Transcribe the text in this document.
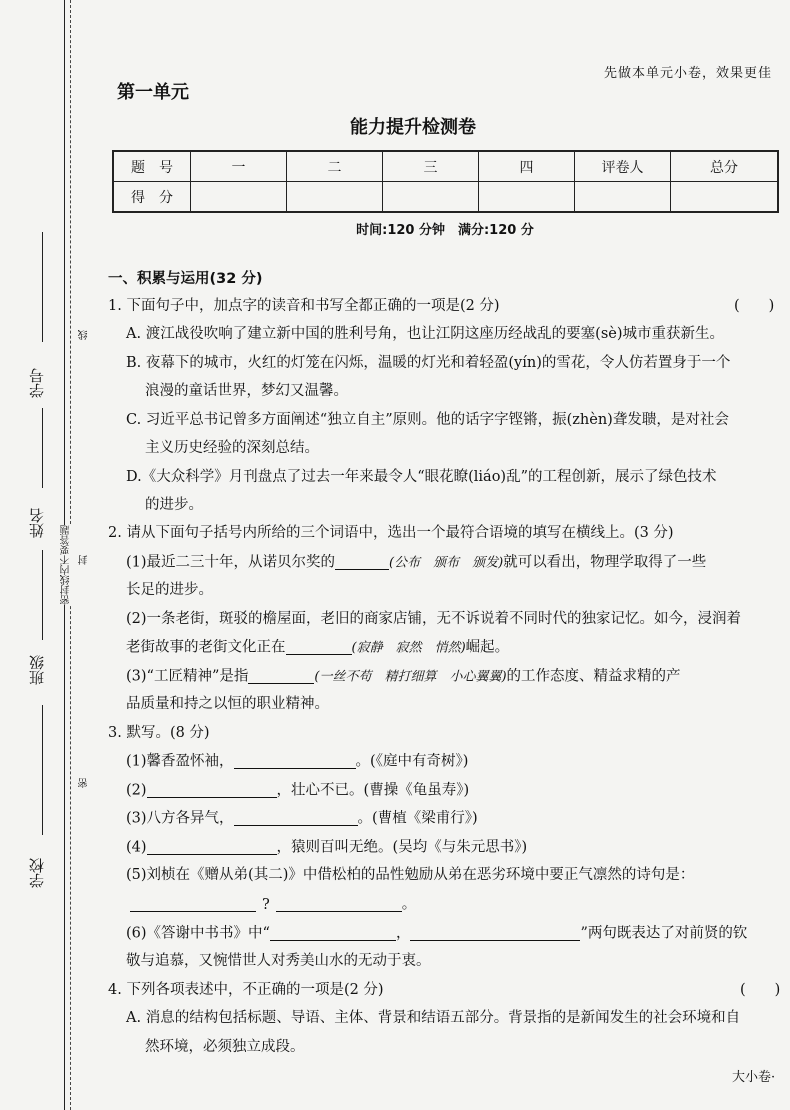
线
密封线内不要答题 封
密
学号
姓名
班级
学校
先做本单元小卷，效果更佳
第一单元
能力提升检测卷
题　号	一	二	三	四	评卷人	总分
得　分						
时间:120 分钟　满分:120 分
一、积累与运用(32 分)
1. 下面句子中，加点字的读音和书写全都正确的一项是(2 分)	(　　)
A. 渡江战役吹响了建立新中国的胜利号角，也让江阴这座历经战乱的要塞(sè)城市重获新生。
B. 夜幕下的城市，火红的灯笼在闪烁，温暖的灯光和着轻盈(yín)的雪花，令人仿若置身于一个
浪漫的童话世界，梦幻又温馨。
C. 习近平总书记曾多方面阐述“独立自主”原则。他的话字字铿锵，振(zhèn)聋发聩，是对社会
主义历史经验的深刻总结。
D.《大众科学》月刊盘点了过去一年来最令人“眼花瞭(liáo)乱”的工程创新，展示了绿色技术
的进步。
2. 请从下面句子括号内所给的三个词语中，选出一个最符合语境的填写在横线上。(3 分)
(1)最近二三十年，从诺贝尔奖的	(公布　颁布　颁发)就可以看出，物理学取得了一些
长足的进步。
(2)一条老街，斑驳的檐屋面，老旧的商家店铺，无不诉说着不同时代的独家记忆。如今，浸润着
老街故事的老街文化正在	(寂静　寂然　悄然)崛起。
(3)“工匠精神”是指	(一丝不苟　精打细算　小心翼翼)的工作态度、精益求精的产
品质量和持之以恒的职业精神。
3. 默写。(8 分)
(1)馨香盈怀袖，	。(《庭中有奇树》)
(2)	，壮心不已。(曹操《龟虽寿》)
(3)八方各异气，	。(曹植《梁甫行》)
(4)	，猿则百叫无绝。(吴均《与朱元思书》)
(5)刘桢在《赠从弟(其二)》中借松柏的品性勉励从弟在恶劣环境中要正气凛然的诗句是：
?	。
(6)《答谢中书书》中“	，	”两句既表达了对前贤的钦
敬与追慕，又惋惜世人对秀美山水的无动于衷。
4. 下列各项表述中，不正确的一项是(2 分)	(　　)
A. 消息的结构包括标题、导语、主体、背景和结语五部分。背景指的是新闻发生的社会环境和自
然环境，必须独立成段。
大小卷·
